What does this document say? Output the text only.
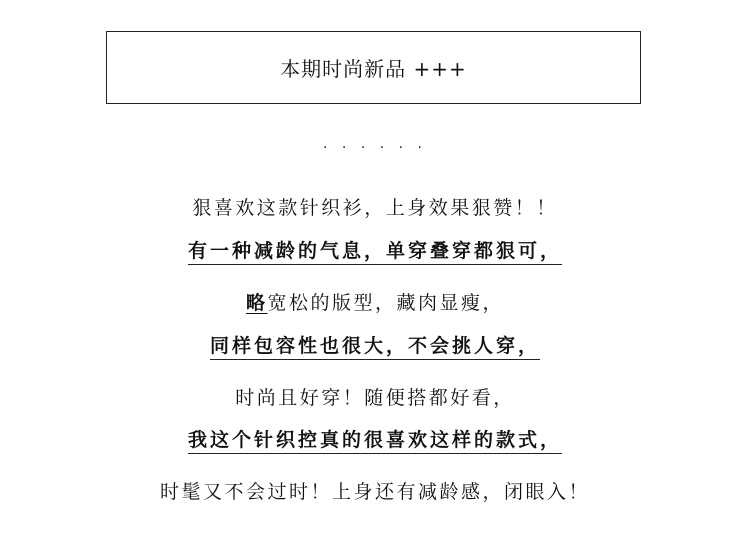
本期时尚新品 +++
· · · · · ·
狠喜欢这款针织衫，上身效果狠赞！！
有一种减龄的气息，单穿叠穿都狠可，
略宽松的版型，藏肉显瘦，
同样包容性也很大，不会挑人穿，
时尚且好穿！随便搭都好看，
我这个针织控真的很喜欢这样的款式，
时髦又不会过时！上身还有减龄感，闭眼入！
